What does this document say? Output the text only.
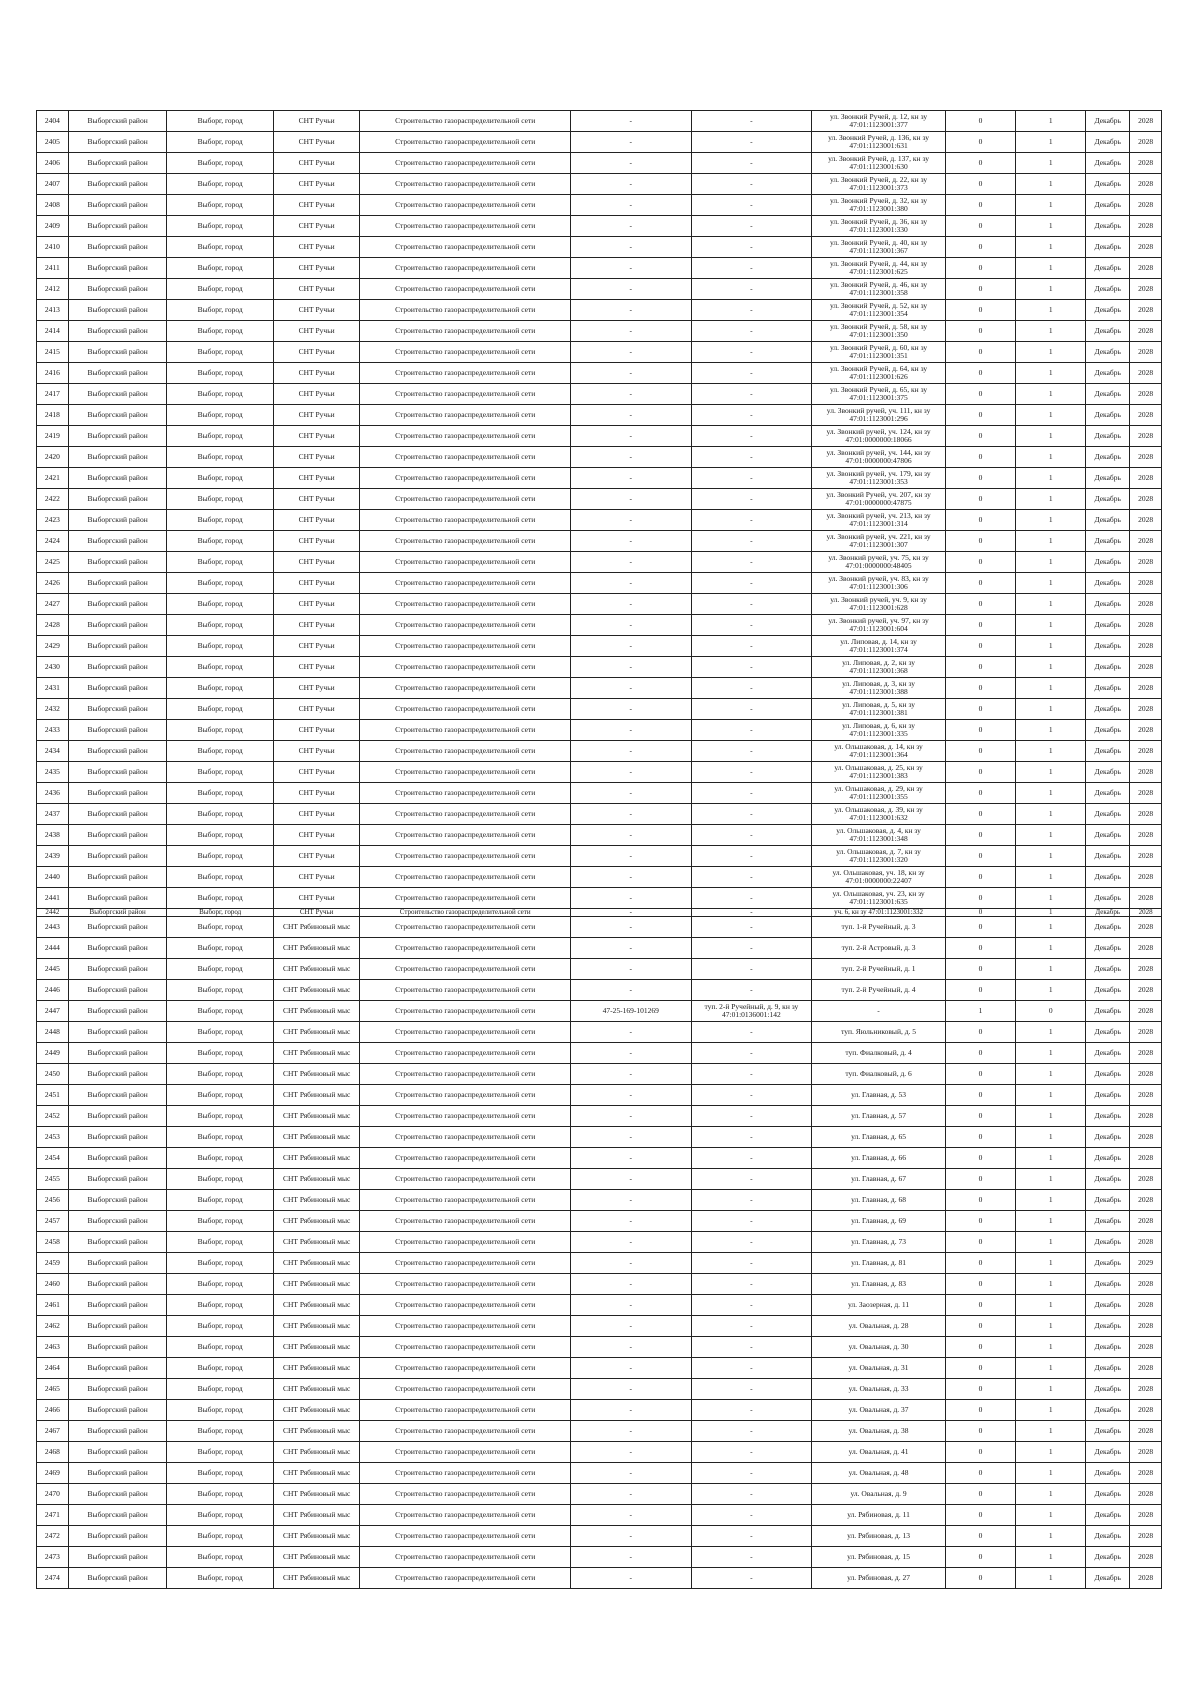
2404	Выборгский район	Выборг, город	СНТ Ручьи	Строительство газораспределительной сети	-	-	ул. Звонкий Ручей, д. 12, кн зу 47:01:1123001:377	0	1	Декабрь	2028
2405	Выборгский район	Выборг, город	СНТ Ручьи	Строительство газораспределительной сети	-	-	ул. Звонкий Ручей, д. 136, кн зу 47:01:1123001:631	0	1	Декабрь	2028
2406	Выборгский район	Выборг, город	СНТ Ручьи	Строительство газораспределительной сети	-	-	ул. Звонкий Ручей, д. 137, кн зу 47:01:1123001:630	0	1	Декабрь	2028
2407	Выборгский район	Выборг, город	СНТ Ручьи	Строительство газораспределительной сети	-	-	ул. Звонкий Ручей, д. 22, кн зу 47:01:1123001:373	0	1	Декабрь	2028
2408	Выборгский район	Выборг, город	СНТ Ручьи	Строительство газораспределительной сети	-	-	ул. Звонкий Ручей, д. 32, кн зу 47:01:1123001:380	0	1	Декабрь	2028
2409	Выборгский район	Выборг, город	СНТ Ручьи	Строительство газораспределительной сети	-	-	ул. Звонкий Ручей, д. 36, кн зу 47:01:1123001:330	0	1	Декабрь	2028
2410	Выборгский район	Выборг, город	СНТ Ручьи	Строительство газораспределительной сети	-	-	ул. Звонкий Ручей, д. 40, кн зу 47:01:1123001:367	0	1	Декабрь	2028
2411	Выборгский район	Выборг, город	СНТ Ручьи	Строительство газораспределительной сети	-	-	ул. Звонкий Ручей, д. 44, кн зу 47:01:1123001:625	0	1	Декабрь	2028
2412	Выборгский район	Выборг, город	СНТ Ручьи	Строительство газораспределительной сети	-	-	ул. Звонкий Ручей, д. 46, кн зу 47:01:1123001:358	0	1	Декабрь	2028
2413	Выборгский район	Выборг, город	СНТ Ручьи	Строительство газораспределительной сети	-	-	ул. Звонкий Ручей, д. 52, кн зу 47:01:1123001:354	0	1	Декабрь	2028
2414	Выборгский район	Выборг, город	СНТ Ручьи	Строительство газораспределительной сети	-	-	ул. Звонкий Ручей, д. 58, кн зу 47:01:1123001:350	0	1	Декабрь	2028
2415	Выборгский район	Выборг, город	СНТ Ручьи	Строительство газораспределительной сети	-	-	ул. Звонкий Ручей, д. 60, кн зу 47:01:1123001:351	0	1	Декабрь	2028
2416	Выборгский район	Выборг, город	СНТ Ручьи	Строительство газораспределительной сети	-	-	ул. Звонкий Ручей, д. 64, кн зу 47:01:1123001:626	0	1	Декабрь	2028
2417	Выборгский район	Выборг, город	СНТ Ручьи	Строительство газораспределительной сети	-	-	ул. Звонкий Ручей, д. 65, кн зу 47:01:1123001:375	0	1	Декабрь	2028
2418	Выборгский район	Выборг, город	СНТ Ручьи	Строительство газораспределительной сети	-	-	ул. Звонкий ручей, уч. 111, кн зу 47:01:1123001:296	0	1	Декабрь	2028
2419	Выборгский район	Выборг, город	СНТ Ручьи	Строительство газораспределительной сети	-	-	ул. Звонкий ручей, уч. 124, кн зу 47:01:0000000:18066	0	1	Декабрь	2028
2420	Выборгский район	Выборг, город	СНТ Ручьи	Строительство газораспределительной сети	-	-	ул. Звонкий ручей, уч. 144, кн зу 47:01:0000000:47806	0	1	Декабрь	2028
2421	Выборгский район	Выборг, город	СНТ Ручьи	Строительство газораспределительной сети	-	-	ул. Звонкий ручей, уч. 179, кн зу 47:01:1123001:353	0	1	Декабрь	2028
2422	Выборгский район	Выборг, город	СНТ Ручьи	Строительство газораспределительной сети	-	-	ул. Звонкий Ручей, уч. 207, кн зу 47:01:0000000:47875	0	1	Декабрь	2028
2423	Выборгский район	Выборг, город	СНТ Ручьи	Строительство газораспределительной сети	-	-	ул. Звонкий ручей, уч. 213, кн зу 47:01:1123001:314	0	1	Декабрь	2028
2424	Выборгский район	Выборг, город	СНТ Ручьи	Строительство газораспределительной сети	-	-	ул. Звонкий ручей, уч. 221, кн зу 47:01:1123001:307	0	1	Декабрь	2028
2425	Выборгский район	Выборг, город	СНТ Ручьи	Строительство газораспределительной сети	-	-	ул. Звонкий ручей, уч. 75, кн зу 47:01:0000000:48405	0	1	Декабрь	2028
2426	Выборгский район	Выборг, город	СНТ Ручьи	Строительство газораспределительной сети	-	-	ул. Звонкий ручей, уч. 83, кн зу 47:01:1123001:306	0	1	Декабрь	2028
2427	Выборгский район	Выборг, город	СНТ Ручьи	Строительство газораспределительной сети	-	-	ул. Звонкий ручей, уч. 9, кн зу 47:01:1123001:628	0	1	Декабрь	2028
2428	Выборгский район	Выборг, город	СНТ Ручьи	Строительство газораспределительной сети	-	-	ул. Звонкий ручей, уч. 97, кн зу 47:01:1123001:604	0	1	Декабрь	2028
2429	Выборгский район	Выборг, город	СНТ Ручьи	Строительство газораспределительной сети	-	-	ул. Липовая, д. 14, кн зу 47:01:1123001:374	0	1	Декабрь	2028
2430	Выборгский район	Выборг, город	СНТ Ручьи	Строительство газораспределительной сети	-	-	ул. Липовая, д. 2, кн зу 47:01:1123001:368	0	1	Декабрь	2028
2431	Выборгский район	Выборг, город	СНТ Ручьи	Строительство газораспределительной сети	-	-	ул. Липовая, д. 3, кн зу 47:01:1123001:388	0	1	Декабрь	2028
2432	Выборгский район	Выборг, город	СНТ Ручьи	Строительство газораспределительной сети	-	-	ул. Липовая, д. 5, кн зу 47:01:1123001:381	0	1	Декабрь	2028
2433	Выборгский район	Выборг, город	СНТ Ручьи	Строительство газораспределительной сети	-	-	ул. Липовая, д. 6, кн зу 47:01:1123001:335	0	1	Декабрь	2028
2434	Выборгский район	Выборг, город	СНТ Ручьи	Строительство газораспределительной сети	-	-	ул. Ольшаковая, д. 14, кн зу 47:01:1123001:364	0	1	Декабрь	2028
2435	Выборгский район	Выборг, город	СНТ Ручьи	Строительство газораспределительной сети	-	-	ул. Ольшаковая, д. 25, кн зу 47:01:1123001:383	0	1	Декабрь	2028
2436	Выборгский район	Выборг, город	СНТ Ручьи	Строительство газораспределительной сети	-	-	ул. Ольшаковая, д. 29, кн зу 47:01:1123001:355	0	1	Декабрь	2028
2437	Выборгский район	Выборг, город	СНТ Ручьи	Строительство газораспределительной сети	-	-	ул. Ольшаковая, д. 39, кн зу 47:01:1123001:632	0	1	Декабрь	2028
2438	Выборгский район	Выборг, город	СНТ Ручьи	Строительство газораспределительной сети	-	-	ул. Ольшаковая, д. 4, кн зу 47:01:1123001:348	0	1	Декабрь	2028
2439	Выборгский район	Выборг, город	СНТ Ручьи	Строительство газораспределительной сети	-	-	ул. Ольшаковая, д. 7, кн зу 47:01:1123001:320	0	1	Декабрь	2028
2440	Выборгский район	Выборг, город	СНТ Ручьи	Строительство газораспределительной сети	-	-	ул. Ольшаковая, уч. 18, кн зу 47:01:0000000:22407	0	1	Декабрь	2028
2441	Выборгский район	Выборг, город	СНТ Ручьи	Строительство газораспределительной сети	-	-	ул. Ольшаковая, уч. 23, кн зу 47:01:1123001:635	0	1	Декабрь	2028
2442	Выборгский район	Выборг, город	СНТ Ручьи	Строительство газораспределительной сети	-	-	уч. 6, кн зу 47:01:1123001:332	0	1	Декабрь	2028
2443	Выборгский район	Выборг, город	СНТ Рябиновый мыс	Строительство газораспределительной сети	-	-	туп. 1-й Ручейный, д. 3	0	1	Декабрь	2028
2444	Выборгский район	Выборг, город	СНТ Рябиновый мыс	Строительство газораспределительной сети	-	-	туп. 2-й Астровый, д. 3	0	1	Декабрь	2028
2445	Выборгский район	Выборг, город	СНТ Рябиновый мыс	Строительство газораспределительной сети	-	-	туп. 2-й Ручейный, д. 1	0	1	Декабрь	2028
2446	Выборгский район	Выборг, город	СНТ Рябиновый мыс	Строительство газораспределительной сети	-	-	туп. 2-й Ручейный, д. 4	0	1	Декабрь	2028
2447	Выборгский район	Выборг, город	СНТ Рябиновый мыс	Строительство газораспределительной сети	47-25-169-101269	туп. 2-й Ручейный, д. 9, кн зу 47:01:0136001:142	-	1	0	Декабрь	2028
2448	Выборгский район	Выборг, город	СНТ Рябиновый мыс	Строительство газораспределительной сети	-	-	туп. Яюльниковый, д. 5	0	1	Декабрь	2028
2449	Выборгский район	Выборг, город	СНТ Рябиновый мыс	Строительство газораспределительной сети	-	-	туп. Фиалковый, д. 4	0	1	Декабрь	2028
2450	Выборгский район	Выборг, город	СНТ Рябиновый мыс	Строительство газораспределительной сети	-	-	туп. Фиалковый, д. 6	0	1	Декабрь	2028
2451	Выборгский район	Выборг, город	СНТ Рябиновый мыс	Строительство газораспределительной сети	-	-	ул. Главная, д. 53	0	1	Декабрь	2028
2452	Выборгский район	Выборг, город	СНТ Рябиновый мыс	Строительство газораспределительной сети	-	-	ул. Главная, д. 57	0	1	Декабрь	2028
2453	Выборгский район	Выборг, город	СНТ Рябиновый мыс	Строительство газораспределительной сети	-	-	ул. Главная, д. 65	0	1	Декабрь	2028
2454	Выборгский район	Выборг, город	СНТ Рябиновый мыс	Строительство газораспределительной сети	-	-	ул. Главная, д. 66	0	1	Декабрь	2028
2455	Выборгский район	Выборг, город	СНТ Рябиновый мыс	Строительство газораспределительной сети	-	-	ул. Главная, д. 67	0	1	Декабрь	2028
2456	Выборгский район	Выборг, город	СНТ Рябиновый мыс	Строительство газораспределительной сети	-	-	ул. Главная, д. 68	0	1	Декабрь	2028
2457	Выборгский район	Выборг, город	СНТ Рябиновый мыс	Строительство газораспределительной сети	-	-	ул. Главная, д. 69	0	1	Декабрь	2028
2458	Выборгский район	Выборг, город	СНТ Рябиновый мыс	Строительство газораспределительной сети	-	-	ул. Главная, д. 73	0	1	Декабрь	2028
2459	Выборгский район	Выборг, город	СНТ Рябиновый мыс	Строительство газораспределительной сети	-	-	ул. Главная, д. 81	0	1	Декабрь	2029
2460	Выборгский район	Выборг, город	СНТ Рябиновый мыс	Строительство газораспределительной сети	-	-	ул. Главная, д. 83	0	1	Декабрь	2028
2461	Выборгский район	Выборг, город	СНТ Рябиновый мыс	Строительство газораспределительной сети	-	-	ул. Заозерная, д. 11	0	1	Декабрь	2028
2462	Выборгский район	Выборг, город	СНТ Рябиновый мыс	Строительство газораспределительной сети	-	-	ул. Овальная, д. 28	0	1	Декабрь	2028
2463	Выборгский район	Выборг, город	СНТ Рябиновый мыс	Строительство газораспределительной сети	-	-	ул. Овальная, д. 30	0	1	Декабрь	2028
2464	Выборгский район	Выборг, город	СНТ Рябиновый мыс	Строительство газораспределительной сети	-	-	ул. Овальная, д. 31	0	1	Декабрь	2028
2465	Выборгский район	Выборг, город	СНТ Рябиновый мыс	Строительство газораспределительной сети	-	-	ул. Овальная, д. 33	0	1	Декабрь	2028
2466	Выборгский район	Выборг, город	СНТ Рябиновый мыс	Строительство газораспределительной сети	-	-	ул. Овальная, д. 37	0	1	Декабрь	2028
2467	Выборгский район	Выборг, город	СНТ Рябиновый мыс	Строительство газораспределительной сети	-	-	ул. Овальная, д. 38	0	1	Декабрь	2028
2468	Выборгский район	Выборг, город	СНТ Рябиновый мыс	Строительство газораспределительной сети	-	-	ул. Овальная, д. 41	0	1	Декабрь	2028
2469	Выборгский район	Выборг, город	СНТ Рябиновый мыс	Строительство газораспределительной сети	-	-	ул. Овальная, д. 48	0	1	Декабрь	2028
2470	Выборгский район	Выборг, город	СНТ Рябиновый мыс	Строительство газораспределительной сети	-	-	ул. Овальная, д. 9	0	1	Декабрь	2028
2471	Выборгский район	Выборг, город	СНТ Рябиновый мыс	Строительство газораспределительной сети	-	-	ул. Рябиновая, д. 11	0	1	Декабрь	2028
2472	Выборгский район	Выборг, город	СНТ Рябиновый мыс	Строительство газораспределительной сети	-	-	ул. Рябиновая, д. 13	0	1	Декабрь	2028
2473	Выборгский район	Выборг, город	СНТ Рябиновый мыс	Строительство газораспределительной сети	-	-	ул. Рябиновая, д. 15	0	1	Декабрь	2028
2474	Выборгский район	Выборг, город	СНТ Рябиновый мыс	Строительство газораспределительной сети	-	-	ул. Рябиновая, д. 27	0	1	Декабрь	2028
